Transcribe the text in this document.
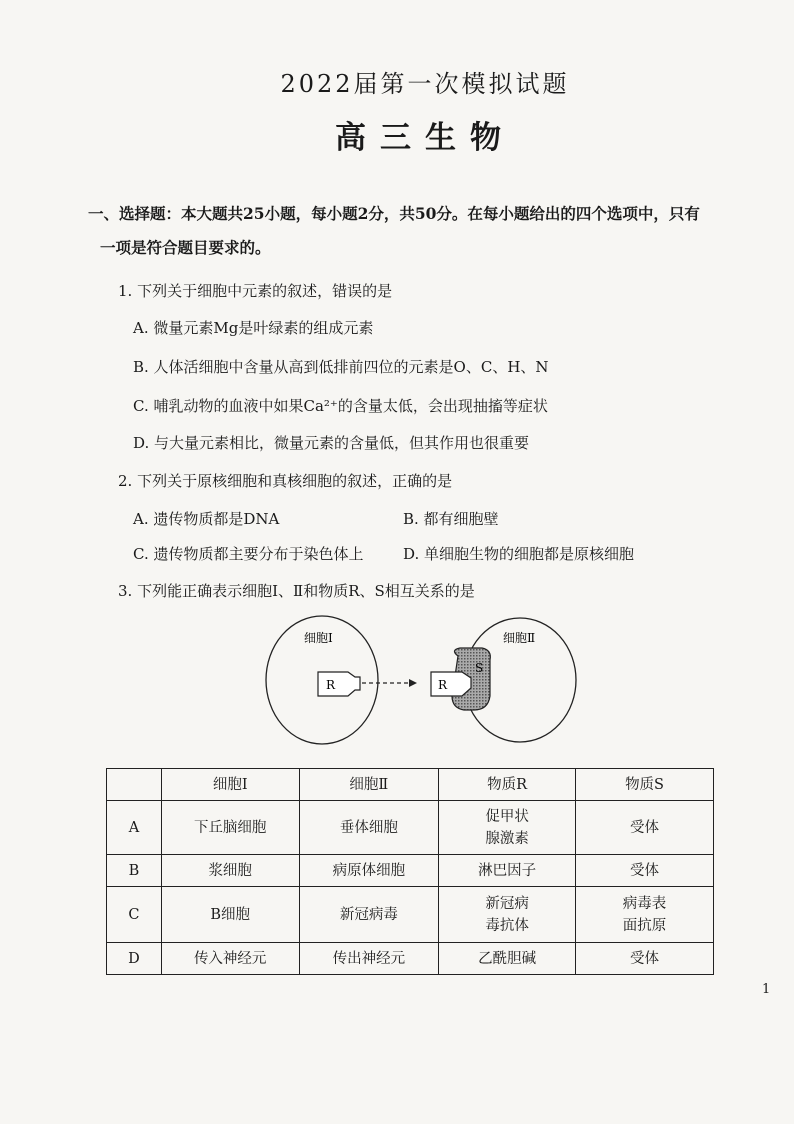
2022届第一次模拟试题
高三生物
一、选择题：本大题共25小题，每小题2分，共50分。在每小题给出的四个选项中，只有
一项是符合题目要求的。
1. 下列关于细胞中元素的叙述，错误的是
A. 微量元素Mg是叶绿素的组成元素
B. 人体活细胞中含量从高到低排前四位的元素是O、C、H、N
C. 哺乳动物的血液中如果Ca²⁺的含量太低，会出现抽搐等症状
D. 与大量元素相比，微量元素的含量低，但其作用也很重要
2. 下列关于原核细胞和真核细胞的叙述，正确的是
A. 遗传物质都是DNA	B. 都有细胞壁
C. 遗传物质都主要分布于染色体上	D. 单细胞生物的细胞都是原核细胞
3. 下列能正确表示细胞Ⅰ、Ⅱ和物质R、S相互关系的是
细胞Ⅰ	细胞Ⅱ
R	R
S
	细胞Ⅰ	细胞Ⅱ	物质R	物质S
A	下丘脑细胞	垂体细胞	促甲状腺激素	受体
B	浆细胞	病原体细胞	淋巴因子	受体
C	B细胞	新冠病毒	新冠病毒抗体	病毒表面抗原
D	传入神经元	传出神经元	乙酰胆碱	受体
1
